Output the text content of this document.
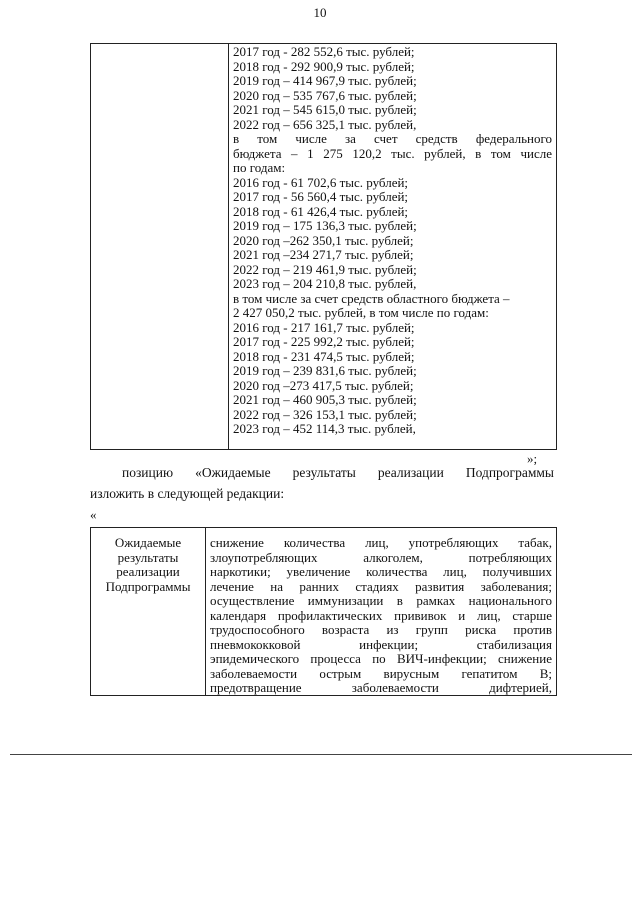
10
2017 год - 282 552,6 тыс. рублей;
2018 год - 292 900,9 тыс. рублей;
2019 год – 414 967,9 тыс. рублей;
2020 год – 535 767,6 тыс. рублей;
2021 год – 545 615,0 тыс. рублей;
2022 год – 656 325,1 тыс. рублей,
в том числе за счет средств федерального
бюджета – 1 275 120,2 тыс. рублей, в том числе
по годам:
2016 год - 61 702,6 тыс. рублей;
2017 год - 56 560,4 тыс. рублей;
2018 год - 61 426,4 тыс. рублей;
2019 год – 175 136,3 тыс. рублей;
2020 год –262 350,1 тыс. рублей;
2021 год –234 271,7 тыс. рублей;
2022 год – 219 461,9 тыс. рублей;
2023 год – 204 210,8 тыс. рублей,
в том числе за счет средств областного бюджета –
2 427 050,2 тыс. рублей, в том числе по годам:
2016 год - 217 161,7 тыс. рублей;
2017 год - 225 992,2 тыс. рублей;
2018 год - 231 474,5 тыс. рублей;
2019 год – 239 831,6 тыс. рублей;
2020 год –273 417,5 тыс. рублей;
2021 год – 460 905,3 тыс. рублей;
2022 год – 326 153,1 тыс. рублей;
2023 год – 452 114,3 тыс. рублей,
»;
позицию «Ожидаемые результаты реализации Подпрограммы
изложить в следующей редакции:
«
Ожидаемые
результаты
реализации
Подпрограммы
снижение количества лиц, употребляющих табак,
злоупотребляющих алкоголем, потребляющих
наркотики; увеличение количества лиц, получивших
лечение на ранних стадиях развития заболевания;
осуществление иммунизации в рамках национального
календаря профилактических прививок и лиц, старше
трудоспособного возраста из групп риска против
пневмококковой инфекции; стабилизация
эпидемического процесса по ВИЧ-инфекции; снижение
заболеваемости острым вирусным гепатитом В;
предотвращение заболеваемости дифтерией,
